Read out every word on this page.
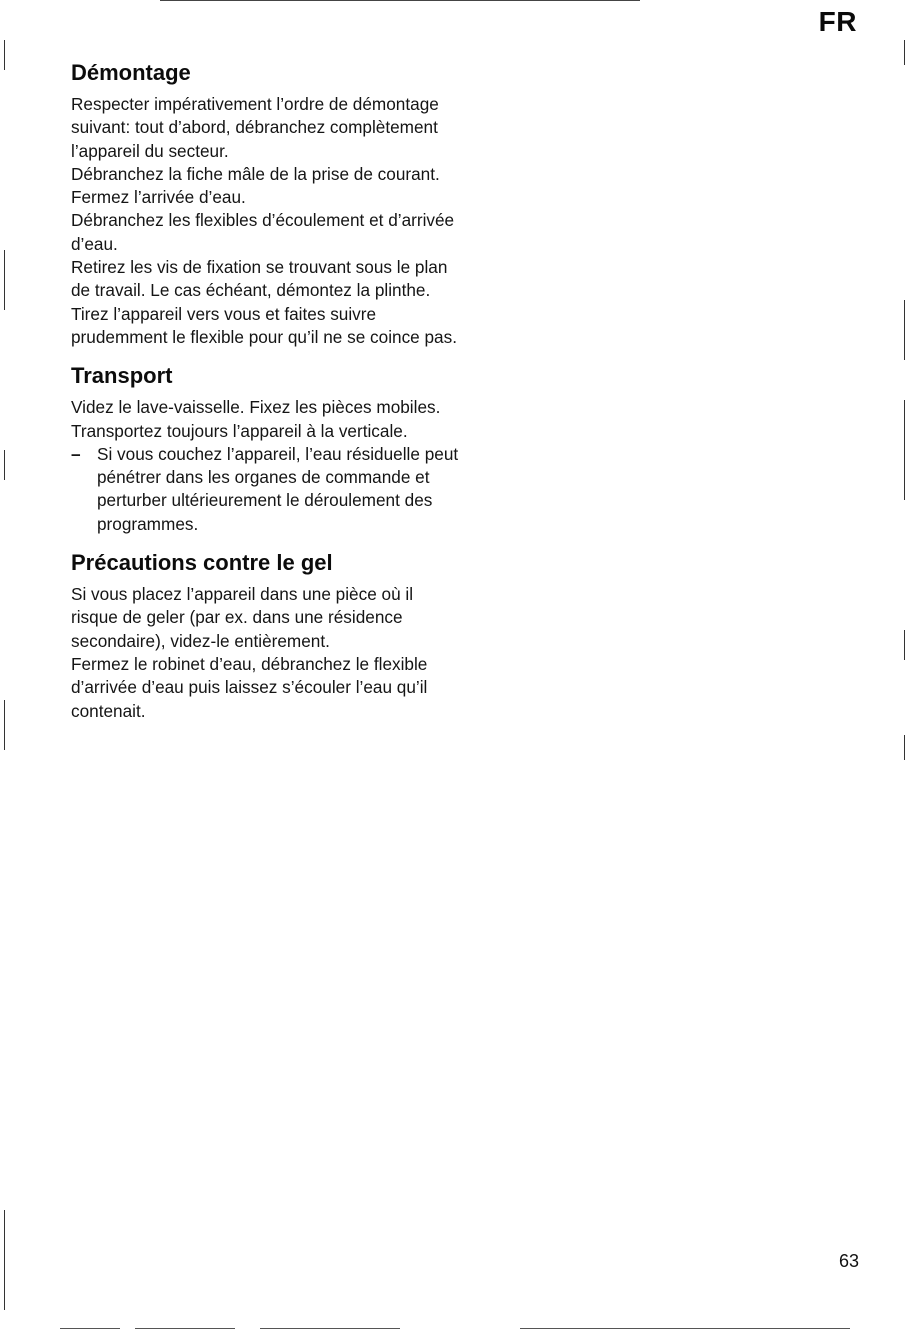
FR
Démontage

Respecter impérativement l’ordre de démontage suivant: tout d’abord, débranchez complètement l’appareil du secteur.

Débranchez la fiche mâle de la prise de courant.

Fermez l’arrivée d’eau.

Débranchez les flexibles d’écoulement et d’arrivée d’eau.

Retirez les vis de fixation se trouvant sous le plan de travail. Le cas échéant, démontez la plinthe.

Tirez l’appareil vers vous et faites suivre prudemment le flexible pour qu’il ne se coince pas.

Transport

Videz le lave-vaisselle. Fixez les pièces mobiles. Transportez toujours l’appareil à la verticale.

– Si vous couchez l’appareil, l’eau résiduelle peut pénétrer dans les organes de commande et perturber ultérieurement le déroulement des programmes.
Précautions contre le gel

Si vous placez l’appareil dans une pièce où il risque de geler (par ex. dans une résidence secondaire), videz-le entièrement.

Fermez le robinet d’eau, débranchez le flexible d’arrivée d’eau puis laissez s’écouler l’eau qu’il contenait.

63
